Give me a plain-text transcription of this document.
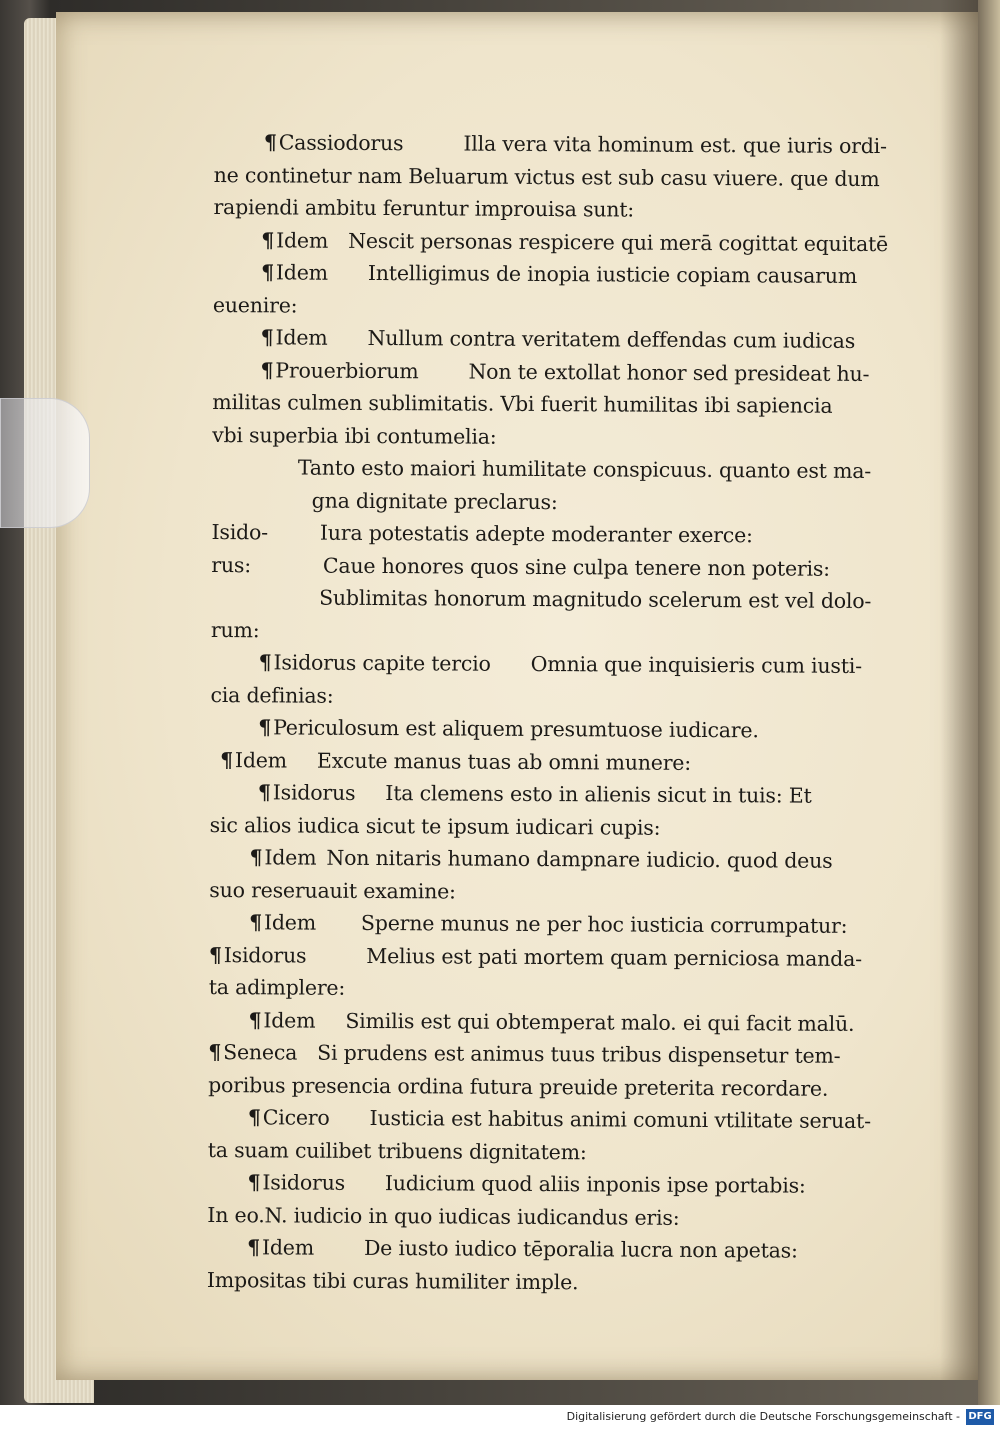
¶Cassiodorus	Illa vera vita hominum est. que iuris ordi-
ne continetur nam Beluarum victus est sub casu viuere. que dum
rapiendi ambitu feruntur improuisa sunt:
¶Idem Nescit personas respicere qui merā cogittat equitatē
¶Idem Intelligimus de inopia iusticie copiam causarum
euenire:
¶Idem Nullum contra veritatem deffendas cum iudicas
¶Prouerbiorum Non te extollat honor sed presideat hu-
militas culmen sublimitatis. Vbi fuerit humilitas ibi sapiencia
vbi superbia ibi contumelia:
Tanto esto maiori humilitate conspicuus. quanto est ma-
gna dignitate preclarus:
Isido-	Iura potestatis adepte moderanter exerce:
rus:	Caue honores quos sine culpa tenere non poteris:
Sublimitas honorum magnitudo scelerum est vel dolo-
rum:
¶Isidorus capite tercio Omnia que inquisieris cum iusti-
cia definias:
¶Periculosum est aliquem presumtuose iudicare.
¶Idem Excute manus tuas ab omni munere:
¶Isidorus Ita clemens esto in alienis sicut in tuis: Et
sic alios iudica sicut te ipsum iudicari cupis:
¶Idem Non nitaris humano dampnare iudicio. quod deus
suo reseruauit examine:
¶Idem Sperne munus ne per hoc iusticia corrumpatur:
¶Isidorus	Melius est pati mortem quam perniciosa manda-
ta adimplere:
¶Idem Similis est qui obtemperat malo. ei qui facit malū.
¶Seneca Si prudens est animus tuus tribus dispensetur tem-
poribus presencia ordina futura preuide preterita recordare.
¶Cicero Iusticia est habitus animi comuni vtilitate seruat-
ta suam cuilibet tribuens dignitatem:
¶Isidorus Iudicium quod aliis inponis ipse portabis:
In eo.N. iudicio in quo iudicas iudicandus eris:
¶Idem De iusto iudico tēporalia lucra non apetas:
Impositas tibi curas humiliter imple.
Digitalisierung gefördert durch die Deutsche Forschungsgemeinschaft - DFG
